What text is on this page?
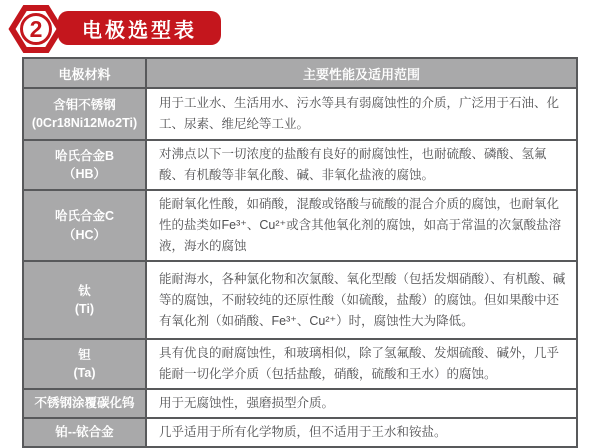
2 电极选型表
电极材料	主要性能及适用范围
含钼不锈钢
(0Cr18Ni12Mo2Ti)	用于工业水、生活用水、污水等具有弱腐蚀性的介质，广泛用于石油、化工、尿素、维尼纶等工业。
哈氏合金B
（HB）	对沸点以下一切浓度的盐酸有良好的耐腐蚀性，也耐硫酸、磷酸、氢氟酸、有机酸等非氧化酸、碱、非氧化盐液的腐蚀。
哈氏合金C
（HC）	能耐氧化性酸，如硝酸，混酸或铬酸与硫酸的混合介质的腐蚀，也耐氧化性的盐类如Fe³⁺、Cu²⁺或含其他氧化剂的腐蚀，如高于常温的次氯酸盐溶液，海水的腐蚀
钛
(Ti)	能耐海水，各种氯化物和次氯酸、氧化型酸（包括发烟硝酸）、有机酸、碱等的腐蚀，不耐较纯的还原性酸（如硫酸，盐酸）的腐蚀。但如果酸中还有氧化剂（如硝酸、Fe³⁺、Cu²⁺）时，腐蚀性大为降低。
钽
(Ta)	具有优良的耐腐蚀性，和玻璃相似，除了氢氟酸、发烟硫酸、碱外，几乎能耐一切化学介质（包括盐酸，硝酸，硫酸和王水）的腐蚀。
不锈钢涂覆碳化钨	用于无腐蚀性，强磨损型介质。
铂--铱合金	几乎适用于所有化学物质，但不适用于王水和铵盐。
